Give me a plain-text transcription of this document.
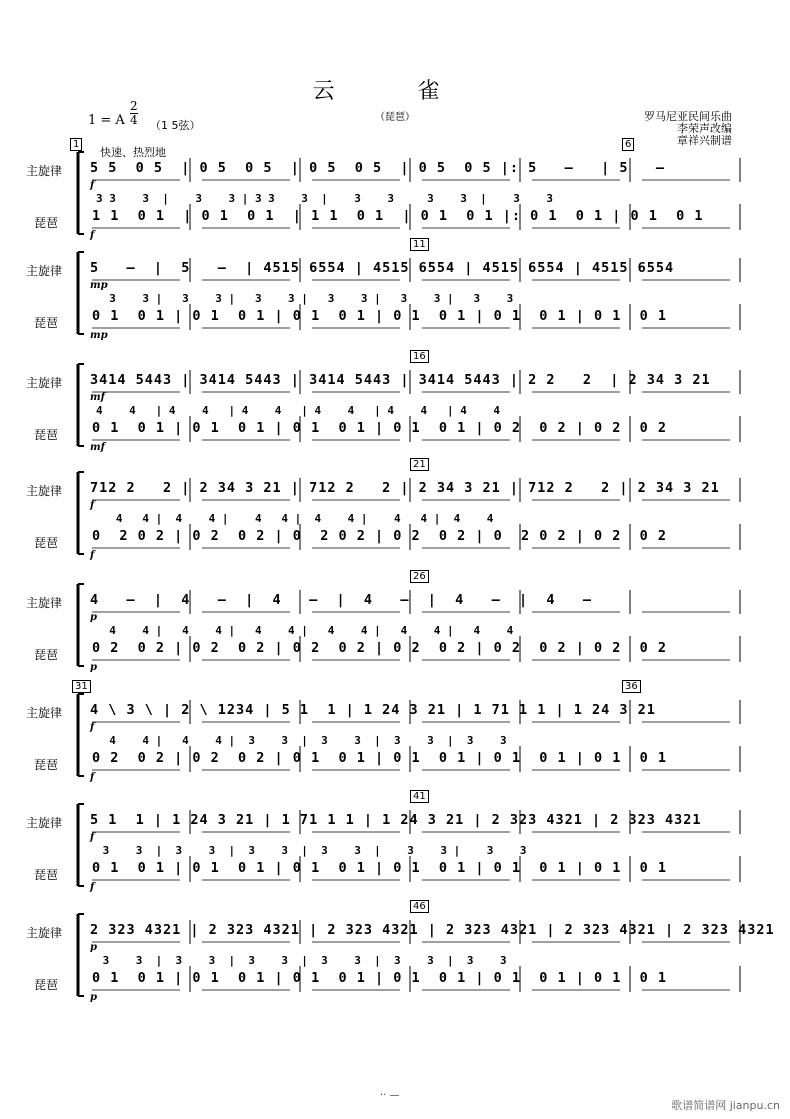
云 雀
（琵琶）	罗马尼亚民间乐曲
李荣声改编
章祥兴制谱
1 = A $\frac{2}{4} (1$ 5弦）
快速、热烈地
主旋律
琵琶
5 5  0 5  | 0 5  0 5  | 0 5  0 5  | 0 5  0 5 |: 5   –   | 5   –
3 3    3  |    3    3 | 3 3    3  |    3    3     3    3  |    3    3
1 1  0 1  | 0 1  0 1  | 1 1  0 1  | 0 1  0 1 |: 0 1  0 1 | 0 1  0 1
f
f
1	6
主旋律
琵琶
5   –  |  5   –  | 4515 6554 | 4515 6554 | 4515 6554 | 4515 6554
3    3 |   3    3 |   3    3 |   3    3 |   3    3 |   3    3
0 1  0 1 | 0 1  0 1 | 0 1  0 1 | 0 1  0 1 | 0 1  0 1 | 0 1  0 1
mp
mp
11
主旋律
琵琶
3414 5443 | 3414 5443 | 3414 5443 | 3414 5443 | 2 2   2  | 2 34 3 21
4    4   | 4    4   | 4    4   | 4    4   | 4    4   | 4    4
0 1  0 1 | 0 1  0 1 | 0 1  0 1 | 0 1  0 1 | 0 2  0 2 | 0 2  0 2
mf
mf
16
主旋律
琵琶
712 2   2 | 2 34 3 21 | 712 2   2 | 2 34 3 21 | 712 2   2 | 2 34 3 21
4   4 |  4    4 |    4   4 |  4    4 |    4   4 |  4    4
0  2 0 2 | 0 2  0 2 | 0  2 0 2 | 0 2  0 2 | 0  2 0 2 | 0 2  0 2
f
f
21
主旋律
琵琶
4   –  |  4   –  |  4   –  |  4   –  |  4   –  |  4   –
4    4 |   4    4 |   4    4 |   4    4 |   4    4 |   4    4
0 2  0 2 | 0 2  0 2 | 0 2  0 2 | 0 2  0 2 | 0 2  0 2 | 0 2  0 2
p
p
26
主旋律
琵琶
4 \ 3 \ | 2 \ 1234 | 5 1  1 | 1 24 3 21 | 1 71 1 1 | 1 24 3 21
4    4 |   4    4 |  3    3  |  3    3  |  3    3  |  3    3
0 2  0 2 | 0 2  0 2 | 0 1  0 1 | 0 1  0 1 | 0 1  0 1 | 0 1  0 1
f
f
31	36
主旋律
琵琶
5 1  1 | 1 24 3 21 | 1 71 1 1 | 1 24 3 21 | 2 323 4321 | 2 323 4321
3    3  |  3    3  |  3    3  |  3    3  |    3    3 |    3    3
0 1  0 1 | 0 1  0 1 | 0 1  0 1 | 0 1  0 1 | 0 1  0 1 | 0 1  0 1
f
f
41
主旋律
琵琶
2 323 4321 | 2 323 4321 | 2 323 4321 | 2 323 4321 | 2 323 4321 | 2 323 4321
3    3  |  3    3  |  3    3  |  3    3  |  3    3  |  3    3
0 1  0 1 | 0 1  0 1 | 0 1  0 1 | 0 1  0 1 | 0 1  0 1 | 0 1  0 1
p
p
46
·· —
歌谱简谱网 jianpu.cn
